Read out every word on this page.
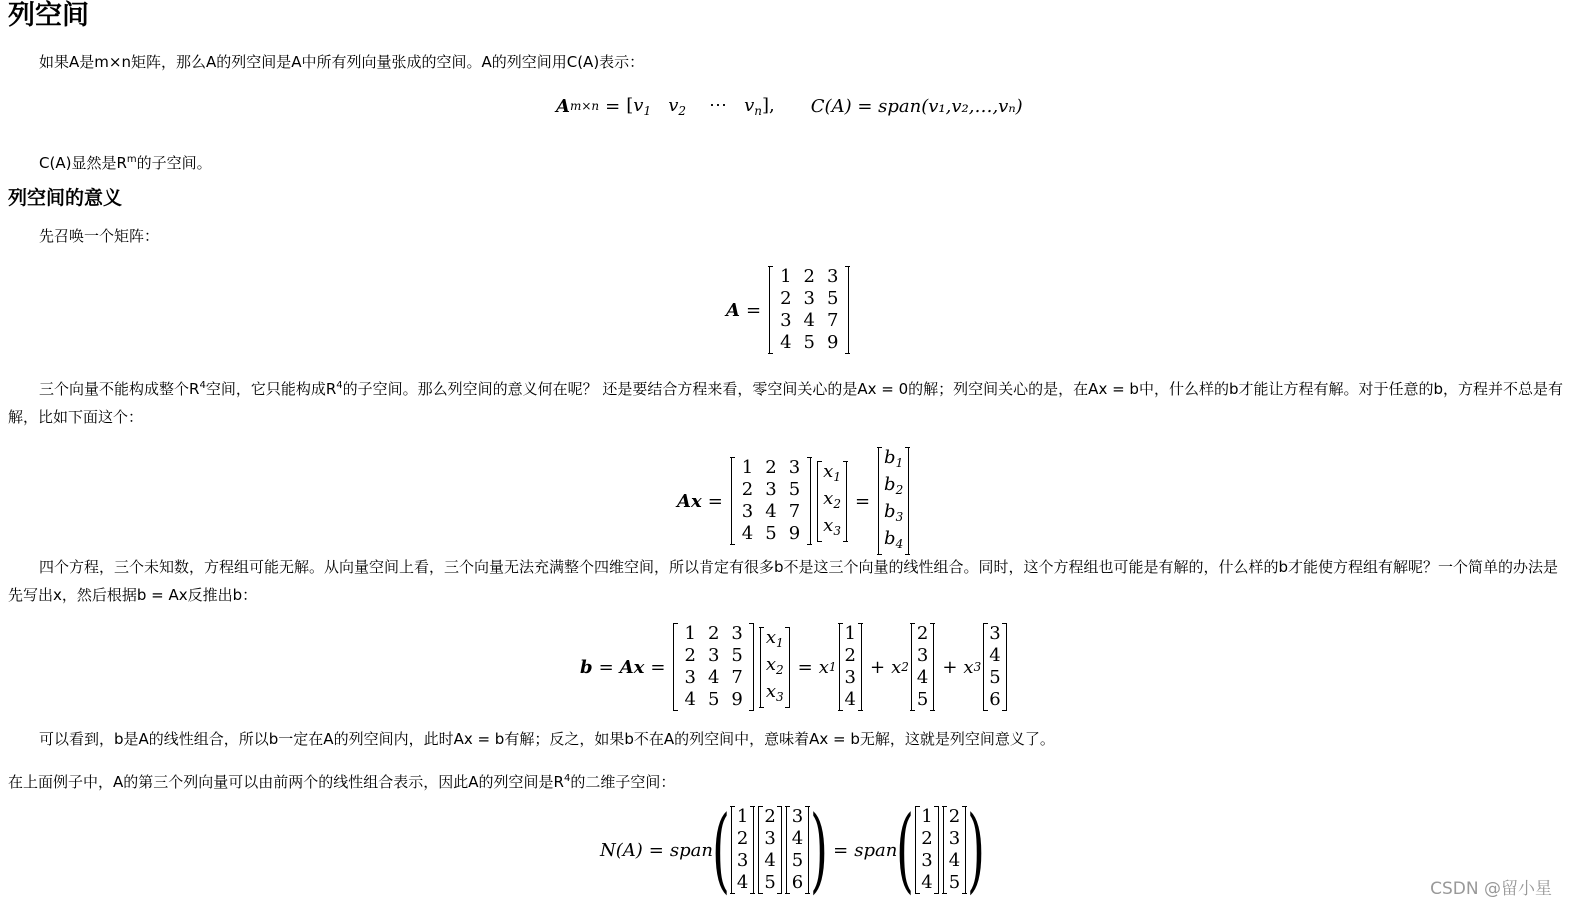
列空间

如果A是m×n矩阵，那么A的列空间是A中所有列向量张成的空间。A的列空间用C(A)表示：

A $m\times n = [v_1$ $v_2$    ⋯   $v_n$], C(A) = span(v₁,v₂,…,vₙ)

C(A)显然是$R^m$的子空间。

列空间的意义

先召唤一个矩阵：

A =
1 2 3
2 3 5
3 4 7
4 5 9

三个向量不能构成整个$R^4$空间，它只能构成$R^4$的子空间。那么列空间的意义何在呢？ 还是要结合方程来看，零空间关心的是Ax = 0的解；列空间关心的是，在Ax = b中，什么样的b才能让方程有解。对于任意的b，方程并不总是有解，比如下面这个：

Ax =
1 2 3
2 3 5
3 4 7
4 5 9
$x_1$
$x_2$
$x_3$
=
$b_1$
$b_2$
$b_3$
$b_4$

四个方程，三个未知数，方程组可能无解。从向量空间上看，三个向量无法充满整个四维空间，所以肯定有很多b不是这三个向量的线性组合。同时，这个方程组也可能是有解的，什么样的b才能使方程组有解呢？一个简单的办法是先写出x，然后根据b = Ax反推出b：

b = Ax =
1 2 3
2 3 5
3 4 7
4 5 9
$x_1$
$x_2$
$x_3$
= x 1
1
2
3
4
+ x 2
2
3
4
5
+ x 3
3
4
5
6

可以看到，b是A的线性组合，所以b一定在A的列空间内，此时Ax = b有解；反之，如果b不在A的列空间中，意味着Ax = b无解，这就是列空间意义了。

在上面例子中，A的第三个列向量可以由前两个的线性组合表示，因此A的列空间是$R^4$的二维子空间：

N(A) = span
( 1
2
3
4
2
3
4
5
3
4
5
6 ) = span
( 1
2
3
4
2
3
4
5 )	CSDN @留小星
